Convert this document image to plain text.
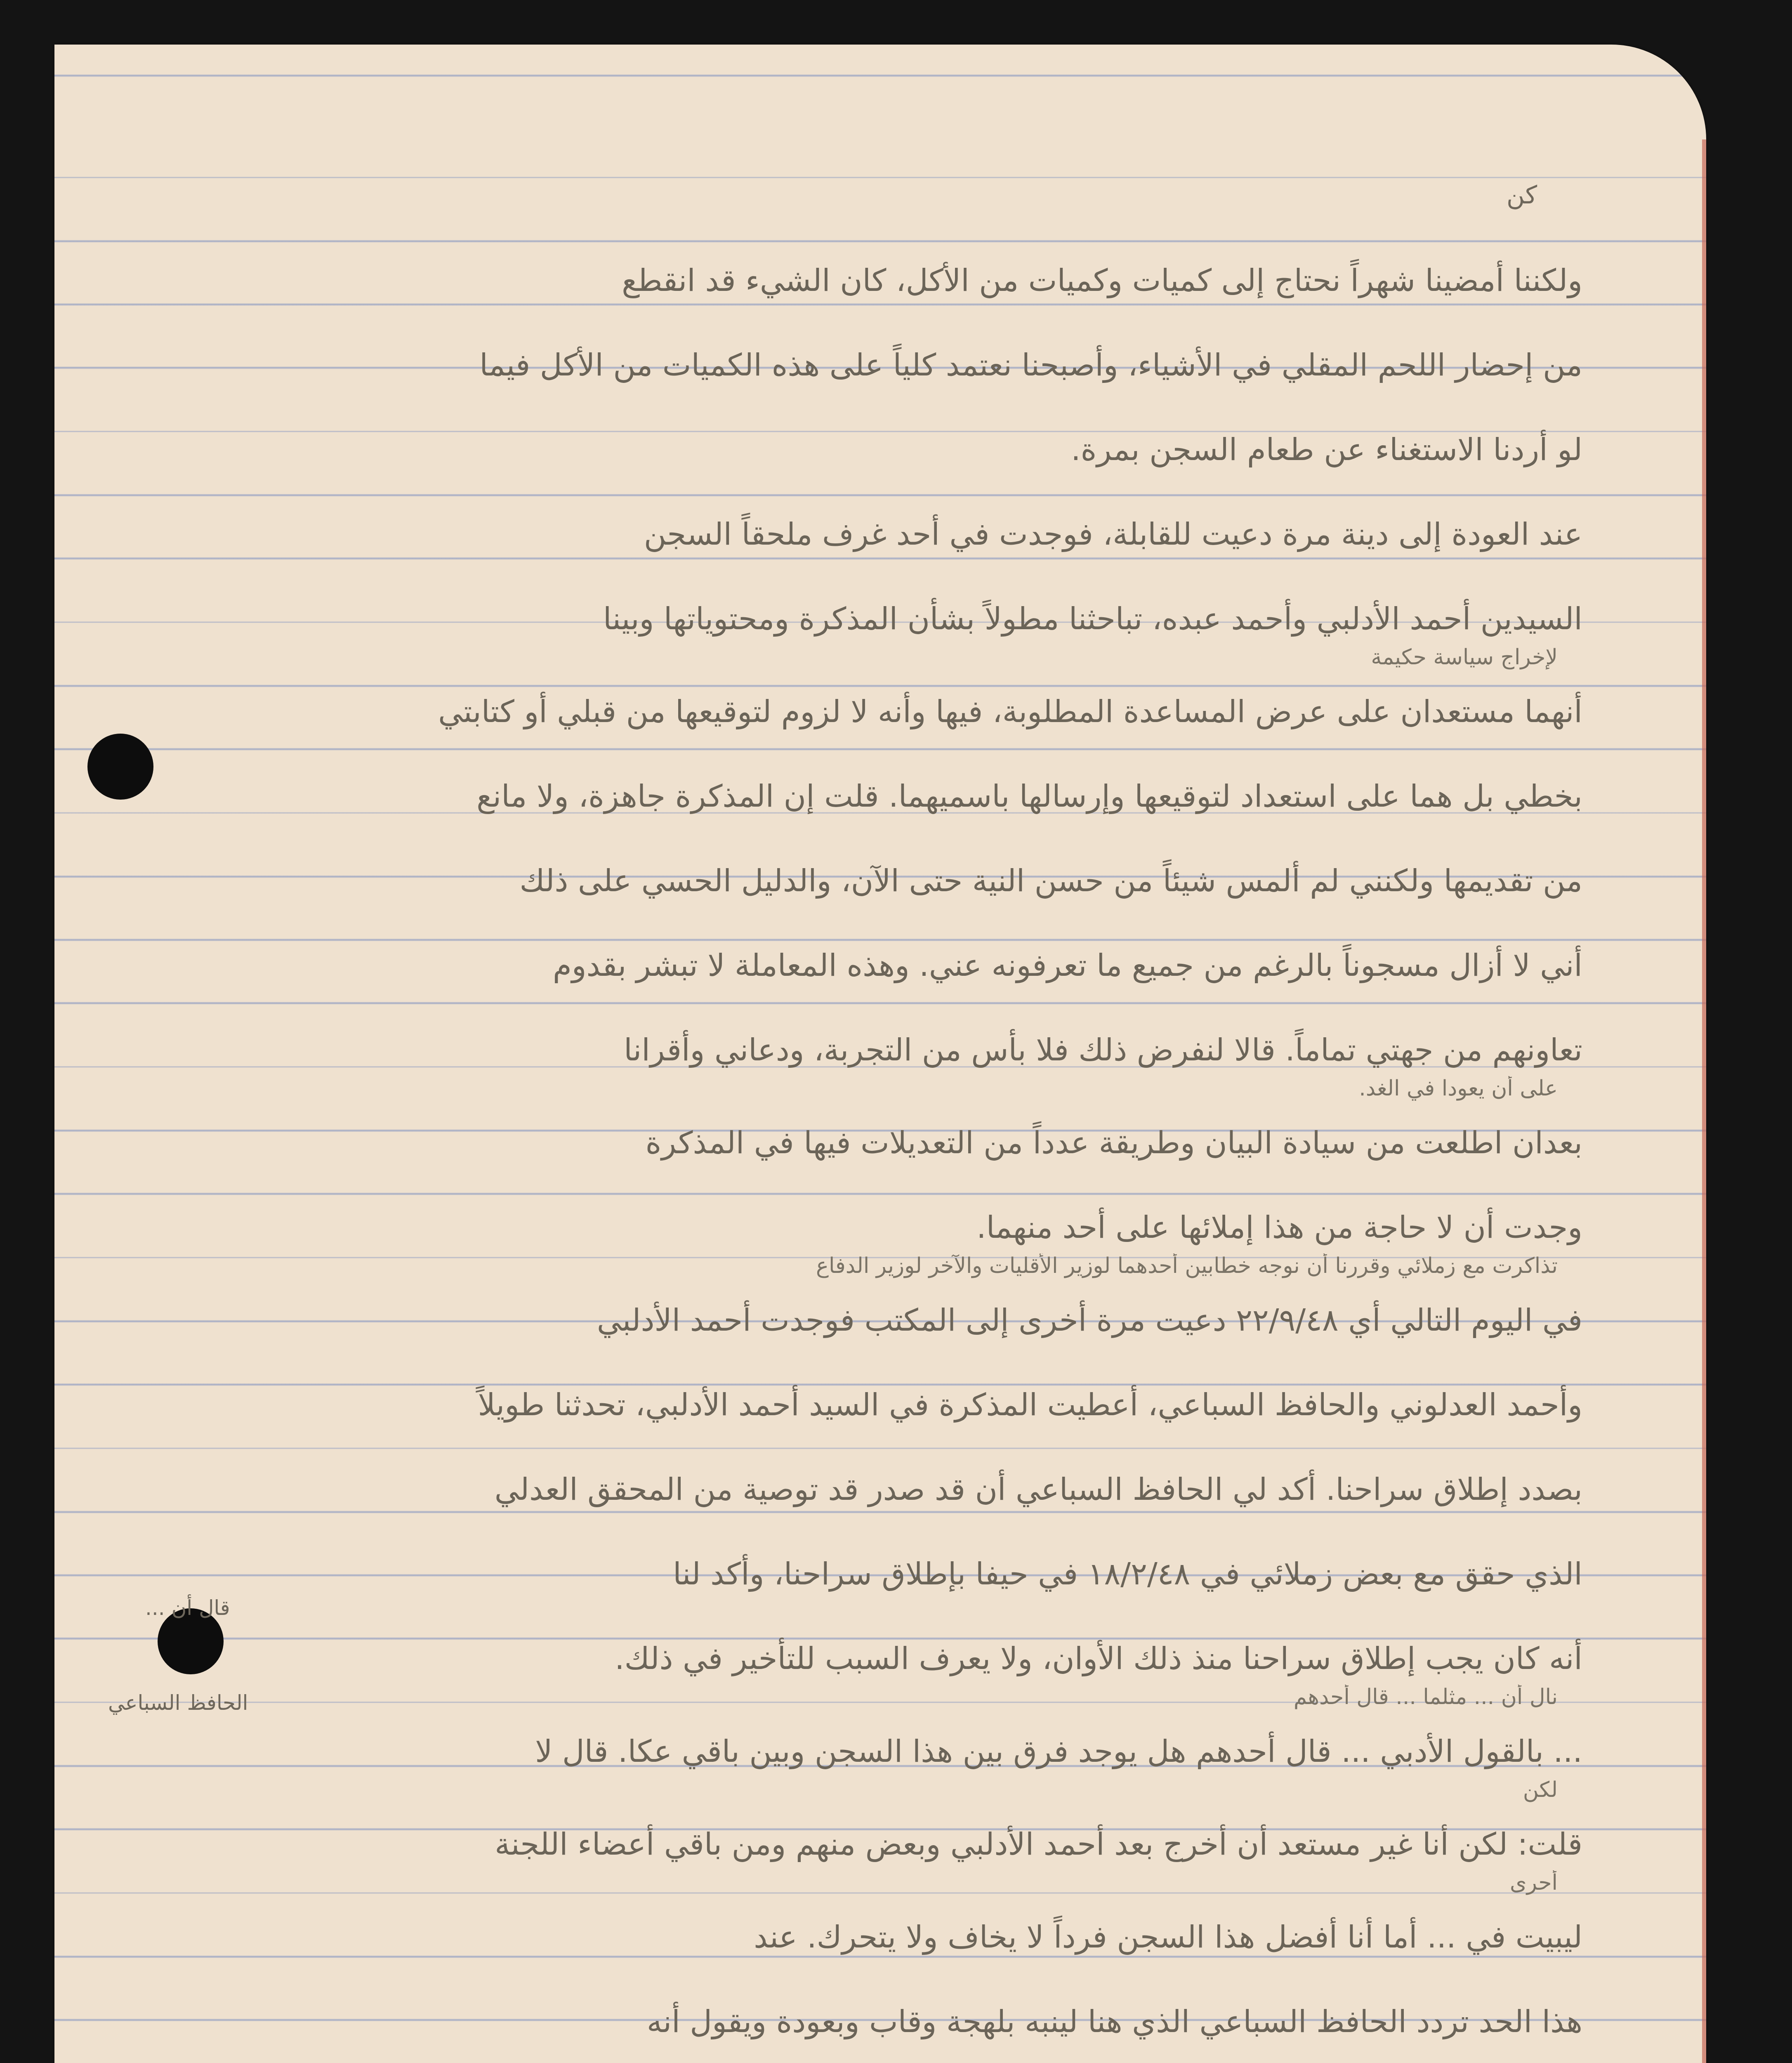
كن
قال أن ...
الحافظ السباعي
ولكننا أمضينا شهراً نحتاج إلى كميات وكميات من الأكل، كان الشيء قد انقطع
من إحضار اللحم المقلي في الأشياء، وأصبحنا نعتمد كلياً على هذه الكميات من الأكل فيما
لو أردنا الاستغناء عن طعام السجن بمرة.
عند العودة إلى دينة مرة دعيت للقابلة، فوجدت في أحد غرف ملحقاً السجن
السيدين أحمد الأدلبي وأحمد عبده، تباحثنا مطولاً بشأن المذكرة ومحتوياتها وبينا
لإخراج سياسة حكيمة
أنهما مستعدان على عرض المساعدة المطلوبة، فيها وأنه لا لزوم لتوقيعها من قبلي أو كتابتي
بخطي بل هما على استعداد لتوقيعها وإرسالها باسميهما. قلت إن المذكرة جاهزة، ولا مانع
من تقديمها ولكنني لم ألمس شيئاً من حسن النية حتى الآن، والدليل الحسي على ذلك
أني لا أزال مسجوناً بالرغم من جميع ما تعرفونه عني. وهذه المعاملة لا تبشر بقدوم
تعاونهم من جهتي تماماً. قالا لنفرض ذلك فلا بأس من التجربة، ودعاني وأقرانا
على أن يعودا في الغد.
بعدان اطلعت من سيادة البيان وطريقة عدداً من التعديلات فيها في المذكرة
وجدت أن لا حاجة من هذا إملائها على أحد منهما.
تذاكرت مع زملائي وقررنا أن نوجه خطابين أحدهما لوزير الأقليات والآخر لوزير الدفاع
في اليوم التالي أي ٢٢/٩/٤٨ دعيت مرة أخرى إلى المكتب فوجدت أحمد الأدلبي
وأحمد العدلوني والحافظ السباعي، أعطيت المذكرة في السيد أحمد الأدلبي، تحدثنا طويلاً
بصدد إطلاق سراحنا. أكد لي الحافظ السباعي أن قد صدر قد توصية من المحقق العدلي
الذي حقق مع بعض زملائي في ١٨/٢/٤٨ في حيفا بإطلاق سراحنا، وأكد لنا
أنه كان يجب إطلاق سراحنا منذ ذلك الأوان، ولا يعرف السبب للتأخير في ذلك.
نال أن ... مثلما ... قال أحدهم
... بالقول الأدبي ... قال أحدهم هل يوجد فرق بين هذا السجن وبين باقي عكا. قال لا
لكن
قلت: لكن أنا غير مستعد أن أخرج بعد أحمد الأدلبي وبعض منهم ومن باقي أعضاء اللجنة
أحرى
ليبيت في ... أما أنا أفضل هذا السجن فرداً لا يخاف ولا يتحرك. عند
هذا الحد تردد الحافظ السباعي الذي هنا لينبه بلهجة وقاب وبعودة ويقول أنه
